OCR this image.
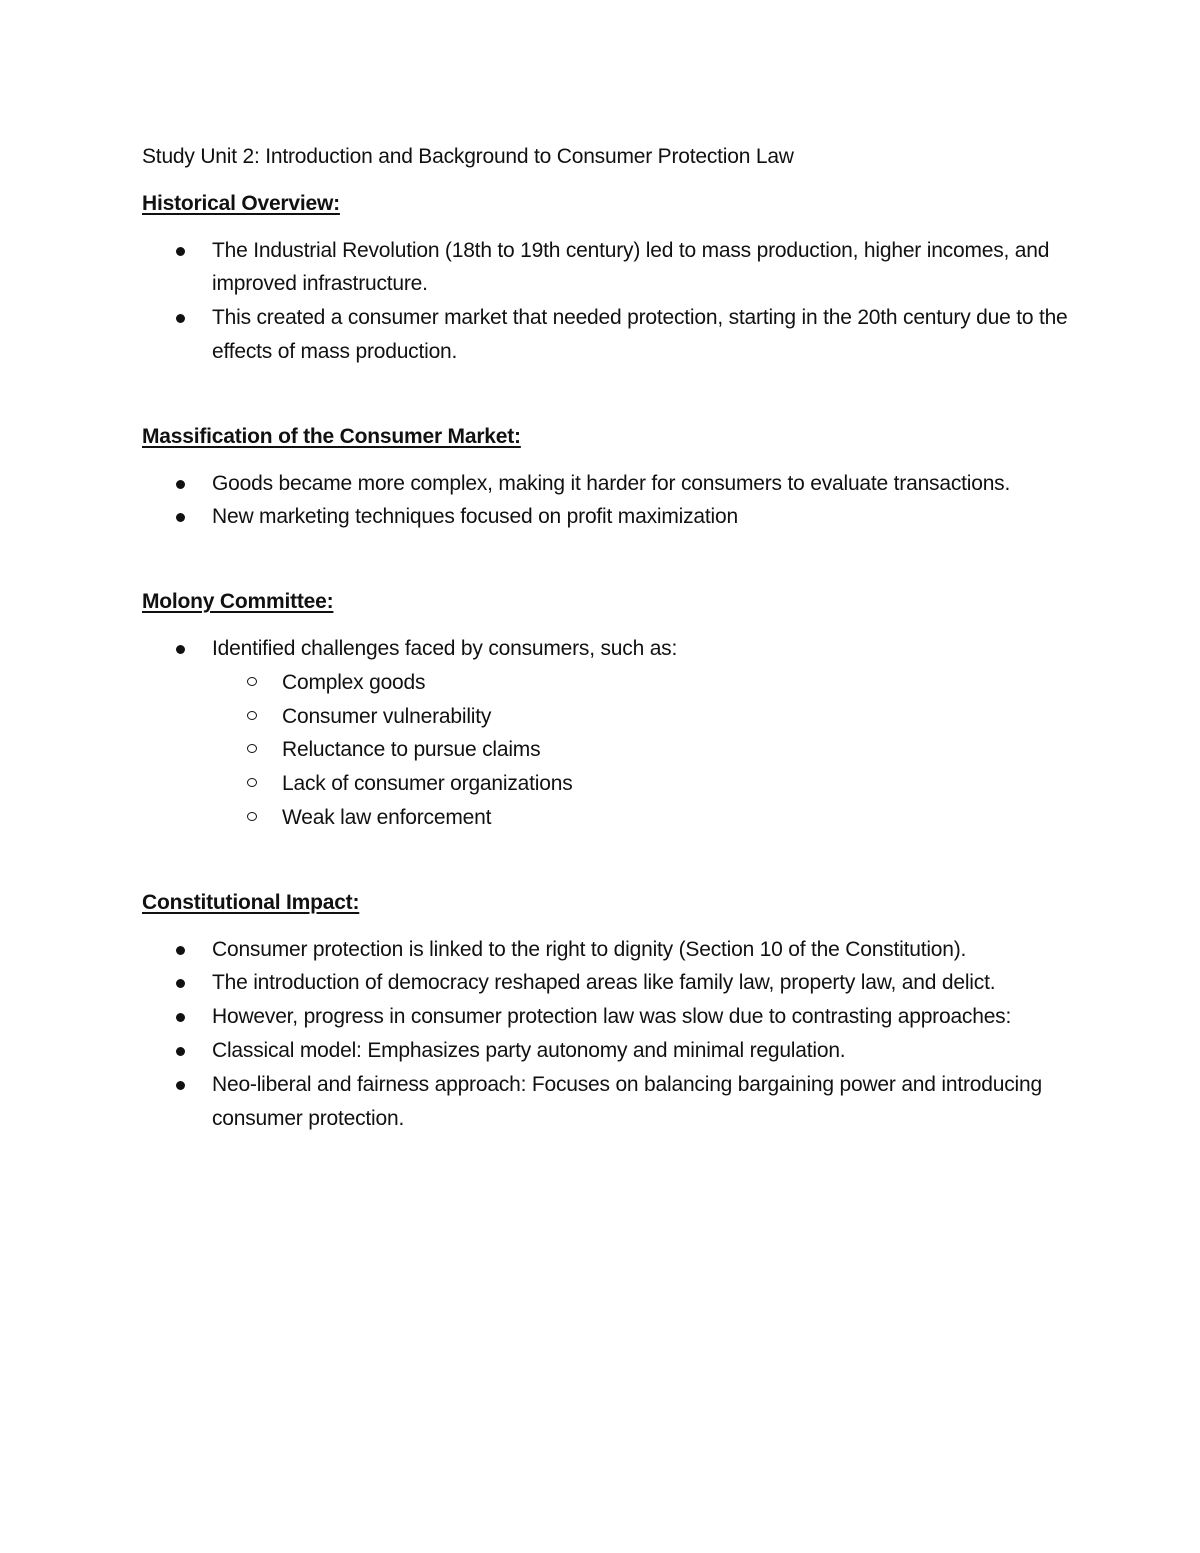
Study Unit 2: Introduction and Background to Consumer Protection Law

Historical Overview:

The Industrial Revolution (18th to 19th century) led to mass production, higher incomes, and improved infrastructure.
This created a consumer market that needed protection, starting in the 20th century due to the effects of mass production.

Massification of the Consumer Market:

Goods became more complex, making it harder for consumers to evaluate transactions.
New marketing techniques focused on profit maximization

Molony Committee:

Identified challenges faced by consumers, such as:
Complex goods
Consumer vulnerability
Reluctance to pursue claims
Lack of consumer organizations
Weak law enforcement

Constitutional Impact:

Consumer protection is linked to the right to dignity (Section 10 of the Constitution).
The introduction of democracy reshaped areas like family law, property law, and delict.
However, progress in consumer protection law was slow due to contrasting approaches:
Classical model: Emphasizes party autonomy and minimal regulation.
Neo-liberal and fairness approach: Focuses on balancing bargaining power and introducing consumer protection.
